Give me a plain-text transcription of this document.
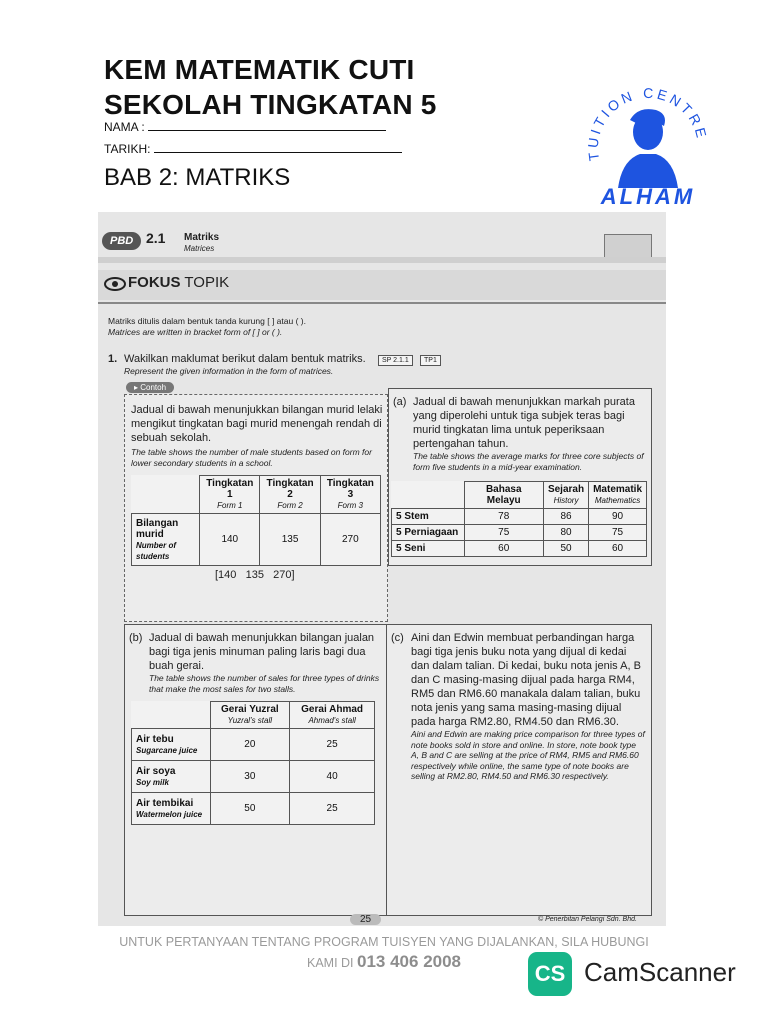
KEM MATEMATIK CUTI
SEKOLAH TINGKATAN 5
NAMA :
TARIKH:
BAB 2: MATRIKS
TUITION CENTRE
ALHAM
PBD 2.1 Matriks
Matrices
FOKUS TOPIK
Matriks ditulis dalam bentuk tanda kurung [ ] atau ( ).
Matrices are written in bracket form of [ ] or ( ).
1. Wakilkan maklumat berikut dalam bentuk matriks.	SP 2.1.1	TP1
Represent the given information in the form of matrices.
▸ Contoh
Jadual di bawah menunjukkan bilangan murid lelaki mengikut tingkatan bagi murid menengah rendah di sebuah sekolah.
The table shows the number of male students based on form for lower secondary students in a school.
	Tingkatan 1
Form 1	Tingkatan 2
Form 2	Tingkatan 3
Form 3
Bilangan murid
Number of students	140	135	270
[140   135   270]
(a) Jadual di bawah menunjukkan markah purata yang diperolehi untuk tiga subjek teras bagi murid tingkatan lima untuk peperiksaan pertengahan tahun.
The table shows the average marks for three core subjects of form five students in a mid-year examination.
	Bahasa Melayu	Sejarah
History	Matematik
Mathematics
5 Stem	78	86	90
5 Perniagaan	75	80	75
5 Seni	60	50	60
(b) Jadual di bawah menunjukkan bilangan jualan bagi tiga jenis minuman paling laris bagi dua buah gerai.
The table shows the number of sales for three types of drinks that make the most sales for two stalls.
	Gerai Yuzral
Yuzral's stall	Gerai Ahmad
Ahmad's stall
Air tebu
Sugarcane juice	20	25
Air soya
Soy milk	30	40
Air tembikai
Watermelon juice	50	25
(c) Aini dan Edwin membuat perbandingan harga bagi tiga jenis buku nota yang dijual di kedai dan dalam talian. Di kedai, buku nota jenis A, B dan C masing-masing dijual pada harga RM4, RM5 dan RM6.60 manakala dalam talian, buku nota jenis yang sama masing-masing dijual pada harga RM2.80, RM4.50 dan RM6.30.
Aini and Edwin are making price comparison for three types of note books sold in store and online. In store, note book type A, B and C are selling at the price of RM4, RM5 and RM6.60 respectively while online, the same type of note books are selling at RM2.80, RM4.50 and RM6.30 respectively.
25	© Penerbitan Pelangi Sdn. Bhd.
UNTUK PERTANYAAN TENTANG PROGRAM TUISYEN YANG DIJALANKAN, SILA HUBUNGI
KAMI DI 013 406 2008	CS CamScanner
